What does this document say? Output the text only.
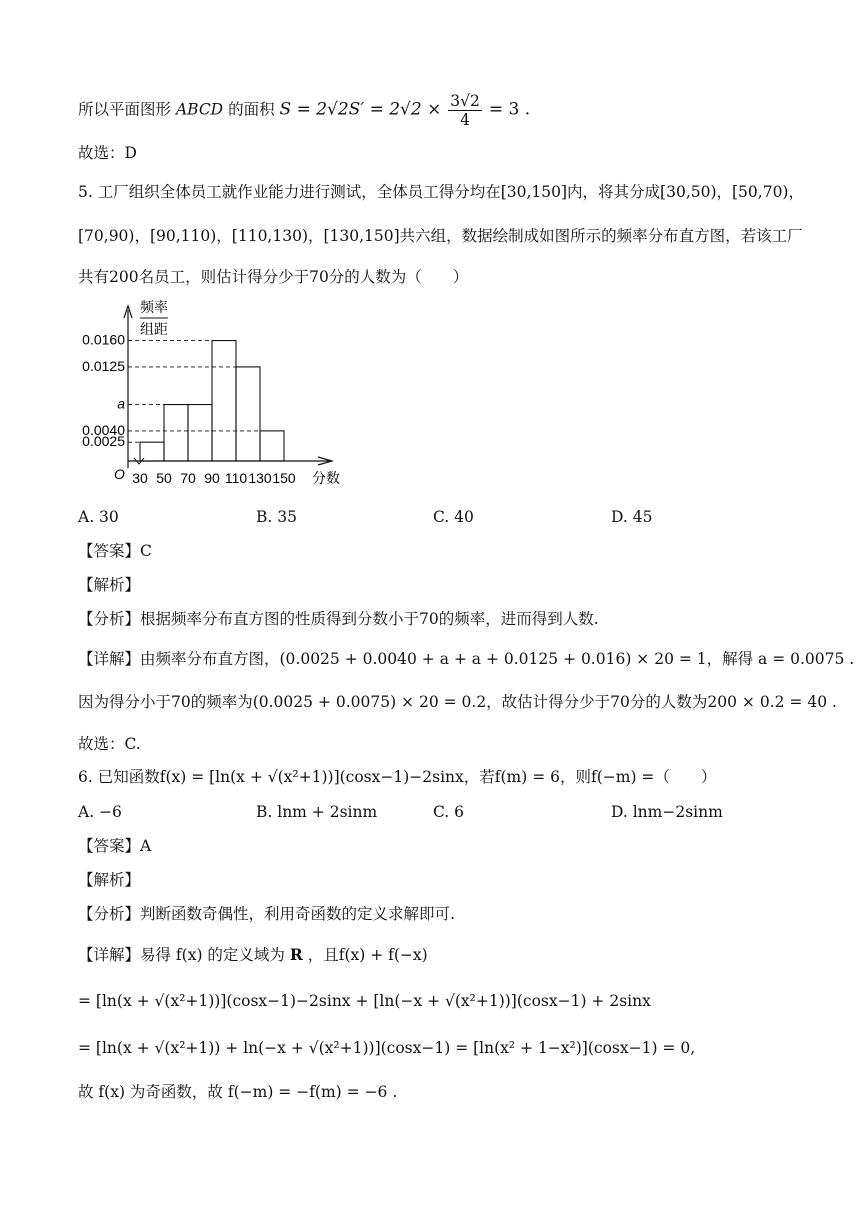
所以平面图形 ABCD 的面积 $S = 2√2S' = 2√2 \times \frac{3√2}{4} = 3$ .
故选：D
5. 工厂组织全体员工就作业能力进行测试，全体员工得分均在[30,150]内，将其分成[30,50)，[50,70)，
[70,90)，[90,110)，[110,130)，[130,150]共六组，数据绘制成如图所示的频率分布直方图，若该工厂
共有200名员工，则估计得分少于70分的人数为（　　）
频率
组距
O	分数
0.0160
0.0125
a
0.0040
0.0025
30 50 70 90 110 130 150
A. 30	B. 35	C. 40	D. 45
【答案】C
【解析】
【分析】根据频率分布直方图的性质得到分数小于70的频率，进而得到人数.
【详解】由频率分布直方图，(0.0025 + 0.0040 + a + a + 0.0125 + 0.016) × 20 = 1，解得 a = 0.0075 .
因为得分小于70的频率为(0.0025 + 0.0075) × 20 = 0.2，故估计得分少于70分的人数为200 × 0.2 = 40 .
故选：C.
6. 已知函数f(x) = [ln(x + √(x²+1))](cosx−1)−2sinx，若f(m) = 6，则f(−m) =（　　）
A. −6	B. lnm + 2sinm	C. 6	D. lnm−2sinm
【答案】A
【解析】
【分析】判断函数奇偶性，利用奇函数的定义求解即可.
【详解】易得 f(x) 的定义域为 R ，且f(x) + f(−x)
= [ln(x + √(x²+1))](cosx−1)−2sinx + [ln(−x + √(x²+1))](cosx−1) + 2sinx
= [ln(x + √(x²+1)) + ln(−x + √(x²+1))](cosx−1) = [ln(x² + 1−x²)](cosx−1) = 0,
故 f(x) 为奇函数，故 f(−m) = −f(m) = −6 .
